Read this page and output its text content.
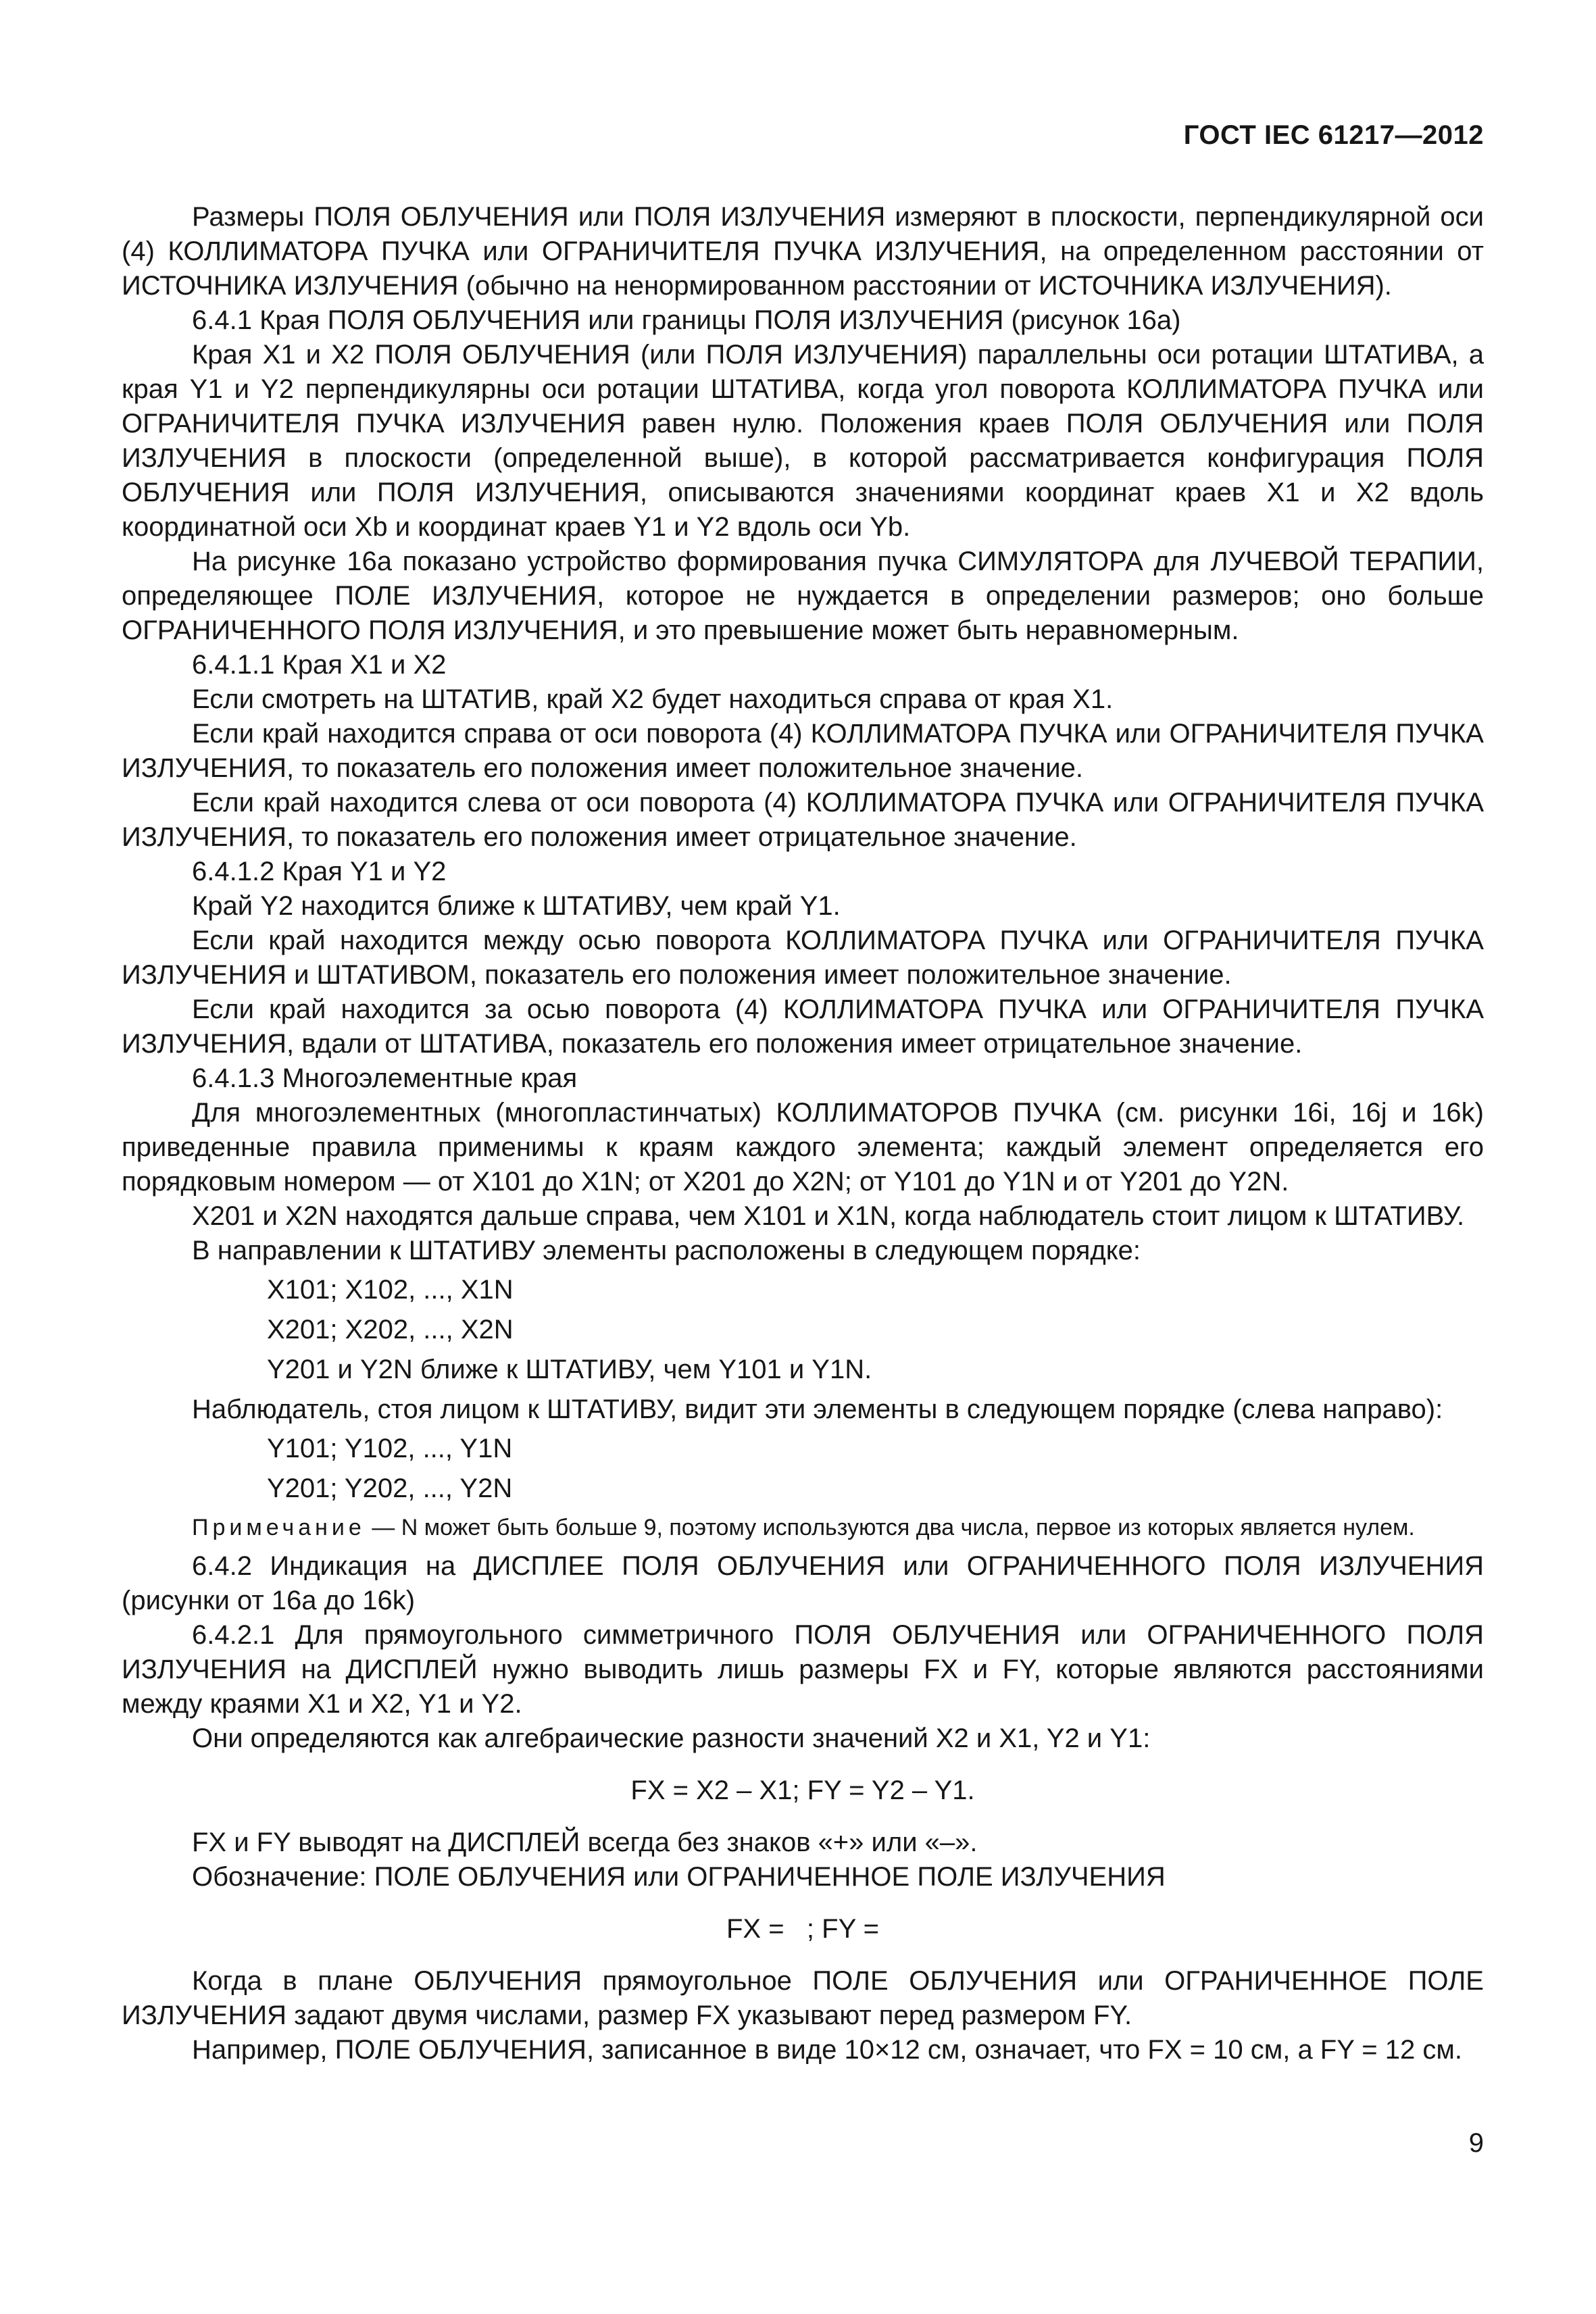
ГОСТ IEC 61217—2012

Размеры ПОЛЯ ОБЛУЧЕНИЯ или ПОЛЯ ИЗЛУЧЕНИЯ измеряют в плоскости, перпендикулярной оси (4) КОЛЛИМАТОРА ПУЧКА или ОГРАНИЧИТЕЛЯ ПУЧКА ИЗЛУЧЕНИЯ, на определенном расстоянии от ИСТОЧНИКА ИЗЛУЧЕНИЯ (обычно на ненормированном расстоянии от ИСТОЧНИКА ИЗЛУЧЕНИЯ).

6.4.1 Края ПОЛЯ ОБЛУЧЕНИЯ или границы ПОЛЯ ИЗЛУЧЕНИЯ (рисунок 16а)

Края X1 и X2 ПОЛЯ ОБЛУЧЕНИЯ (или ПОЛЯ ИЗЛУЧЕНИЯ) параллельны оси ротации ШТАТИВА, а края Y1 и Y2 перпендикулярны оси ротации ШТАТИВА, когда угол поворота КОЛЛИМАТОРА ПУЧКА или ОГРАНИЧИТЕЛЯ ПУЧКА ИЗЛУЧЕНИЯ равен нулю. Положения краев ПОЛЯ ОБЛУЧЕНИЯ или ПОЛЯ ИЗЛУЧЕНИЯ в плоскости (определенной выше), в которой рассматривается конфигурация ПОЛЯ ОБЛУЧЕНИЯ или ПОЛЯ ИЗЛУЧЕНИЯ, описываются значениями координат краев X1 и X2 вдоль координатной оси Xb и координат краев Y1 и Y2 вдоль оси Yb.

На рисунке 16а показано устройство формирования пучка СИМУЛЯТОРА для ЛУЧЕВОЙ ТЕРАПИИ, определяющее ПОЛЕ ИЗЛУЧЕНИЯ, которое не нуждается в определении размеров; оно больше ОГРАНИЧЕННОГО ПОЛЯ ИЗЛУЧЕНИЯ, и это превышение может быть неравномерным.

6.4.1.1 Края X1 и X2

Если смотреть на ШТАТИВ, край X2 будет находиться справа от края X1.

Если край находится справа от оси поворота (4) КОЛЛИМАТОРА ПУЧКА или ОГРАНИЧИТЕЛЯ ПУЧКА ИЗЛУЧЕНИЯ, то показатель его положения имеет положительное значение.

Если край находится слева от оси поворота (4) КОЛЛИМАТОРА ПУЧКА или ОГРАНИЧИТЕЛЯ ПУЧКА ИЗЛУЧЕНИЯ, то показатель его положения имеет отрицательное значение.

6.4.1.2 Края Y1 и Y2

Край Y2 находится ближе к ШТАТИВУ, чем край Y1.

Если край находится между осью поворота КОЛЛИМАТОРА ПУЧКА или ОГРАНИЧИТЕЛЯ ПУЧКА ИЗЛУЧЕНИЯ и ШТАТИВОМ, показатель его положения имеет положительное значение.

Если край находится за осью поворота (4) КОЛЛИМАТОРА ПУЧКА или ОГРАНИЧИТЕЛЯ ПУЧКА ИЗЛУЧЕНИЯ, вдали от ШТАТИВА, показатель его положения имеет отрицательное значение.

6.4.1.3 Многоэлементные края

Для многоэлементных (многопластинчатых) КОЛЛИМАТОРОВ ПУЧКА (см. рисунки 16i, 16j и 16k) приведенные правила применимы к краям каждого элемента; каждый элемент определяется его порядковым номером — от X101 до X1N; от X201 до X2N; от Y101 до Y1N и от Y201 до Y2N.

X201 и X2N находятся дальше справа, чем X101 и X1N, когда наблюдатель стоит лицом к ШТАТИВУ.

В направлении к ШТАТИВУ элементы расположены в следующем порядке:

X101; X102, ..., X1N

X201; X202, ..., X2N

Y201 и Y2N ближе к ШТАТИВУ, чем Y101 и Y1N.

Наблюдатель, стоя лицом к ШТАТИВУ, видит эти элементы в следующем порядке (слева направо):

Y101; Y102, ..., Y1N

Y201; Y202, ..., Y2N

Примечание — N может быть больше 9, поэтому используются два числа, первое из которых является нулем.

6.4.2 Индикация на ДИСПЛЕЕ ПОЛЯ ОБЛУЧЕНИЯ или ОГРАНИЧЕННОГО ПОЛЯ ИЗЛУЧЕНИЯ (рисунки от 16а до 16k)

6.4.2.1 Для прямоугольного симметричного ПОЛЯ ОБЛУЧЕНИЯ или ОГРАНИЧЕННОГО ПОЛЯ ИЗЛУЧЕНИЯ на ДИСПЛЕЙ нужно выводить лишь размеры FX и FY, которые являются расстояниями между краями X1 и X2, Y1 и Y2.

Они определяются как алгебраические разности значений X2 и X1, Y2 и Y1:

FX = X2 – X1; FY = Y2 – Y1.

FX и FY выводят на ДИСПЛЕЙ всегда без знаков «+» или «–».

Обозначение: ПОЛЕ ОБЛУЧЕНИЯ или ОГРАНИЧЕННОЕ ПОЛЕ ИЗЛУЧЕНИЯ

FX =   ; FY =

Когда в плане ОБЛУЧЕНИЯ прямоугольное ПОЛЕ ОБЛУЧЕНИЯ или ОГРАНИЧЕННОЕ ПОЛЕ ИЗЛУЧЕНИЯ задают двумя числами, размер FX указывают перед размером FY.

Например, ПОЛЕ ОБЛУЧЕНИЯ, записанное в виде 10×12 см, означает, что FX = 10 см, а FY = 12 см.

9
